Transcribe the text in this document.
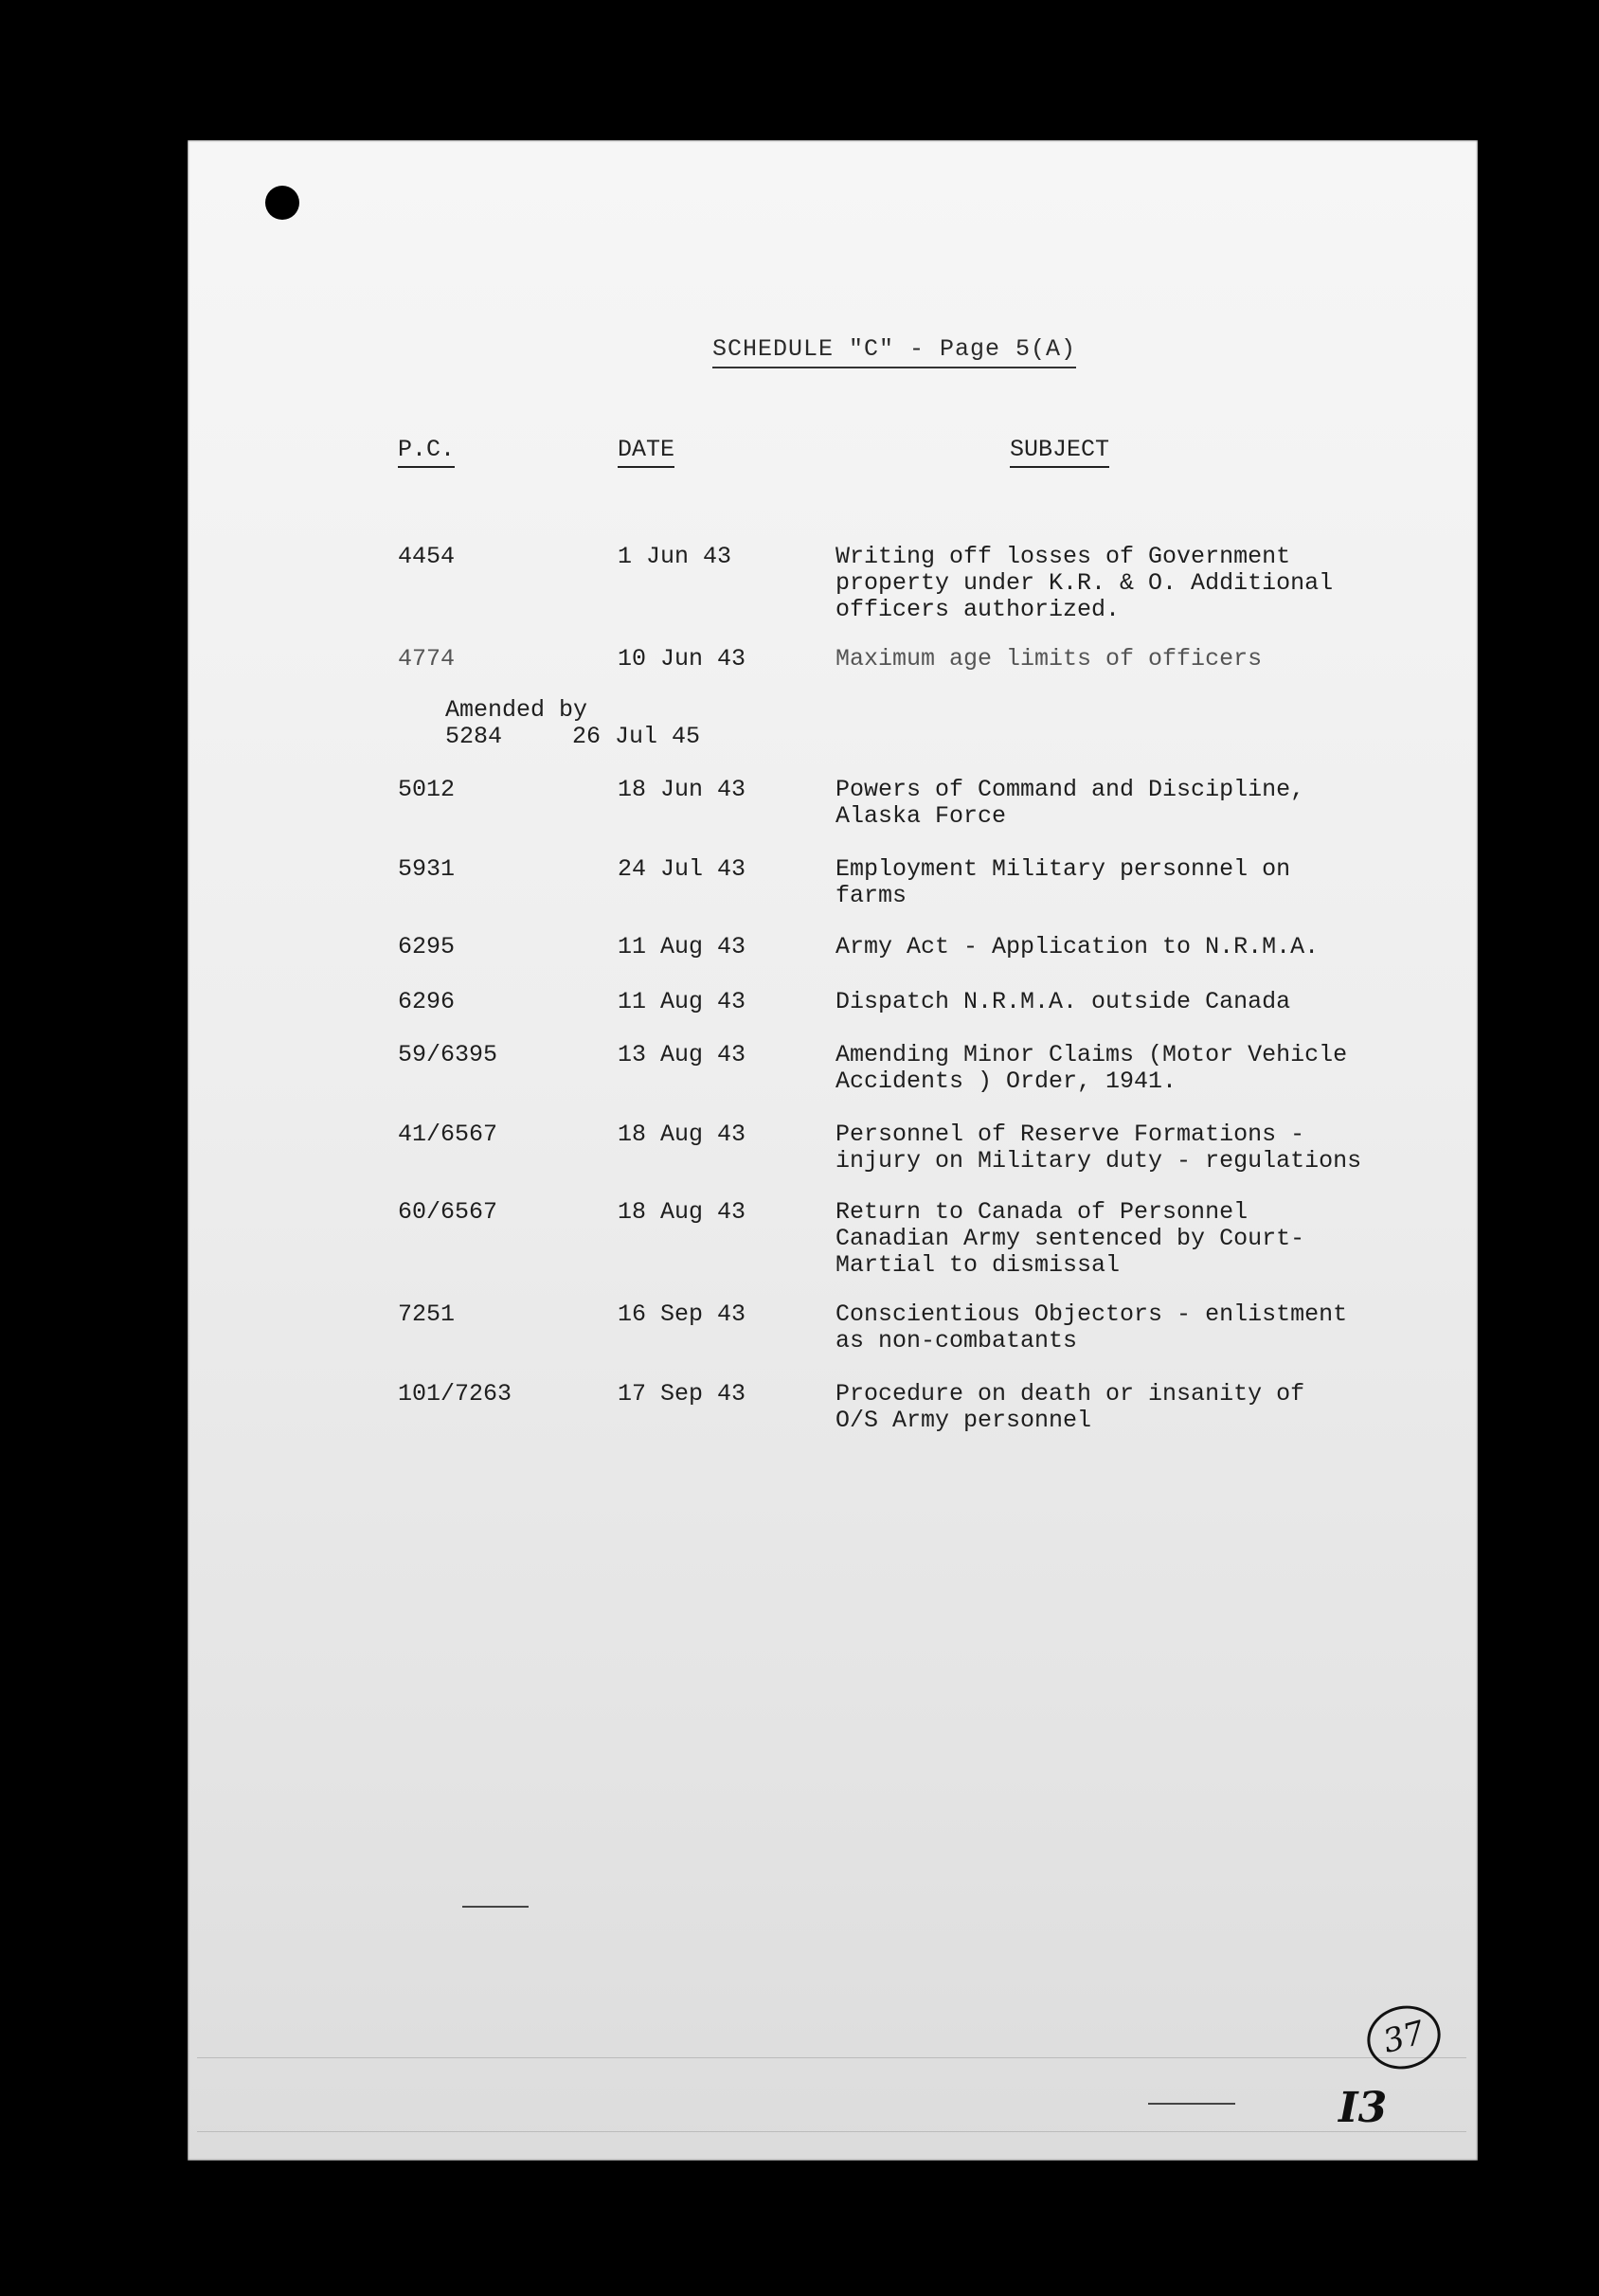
SCHEDULE "C" - Page 5(A)
P.C.	DATE	SUBJECT
4454	1 Jun 43	Writing off losses of Government
property under K.R. & O. Additional
officers authorized.
4774	10 Jun 43	Maximum age limits of officers
Amended by
5284	26 Jul 45
5012	18 Jun 43	Powers of Command and Discipline,
Alaska Force
5931	24 Jul 43	Employment Military personnel on
farms
6295	11 Aug 43	Army Act - Application to N.R.M.A.
6296	11 Aug 43	Dispatch N.R.M.A. outside Canada
59/6395	13 Aug 43	Amending Minor Claims (Motor Vehicle
Accidents ) Order, 1941.
41/6567	18 Aug 43	Personnel of Reserve Formations -
injury on Military duty - regulations
60/6567	18 Aug 43	Return to Canada of Personnel
Canadian Army sentenced by Court-
Martial to dismissal
7251	16 Sep 43	Conscientious Objectors - enlistment
as non-combatants
101/7263	17 Sep 43	Procedure on death or insanity of
O/S Army personnel
37
I3
